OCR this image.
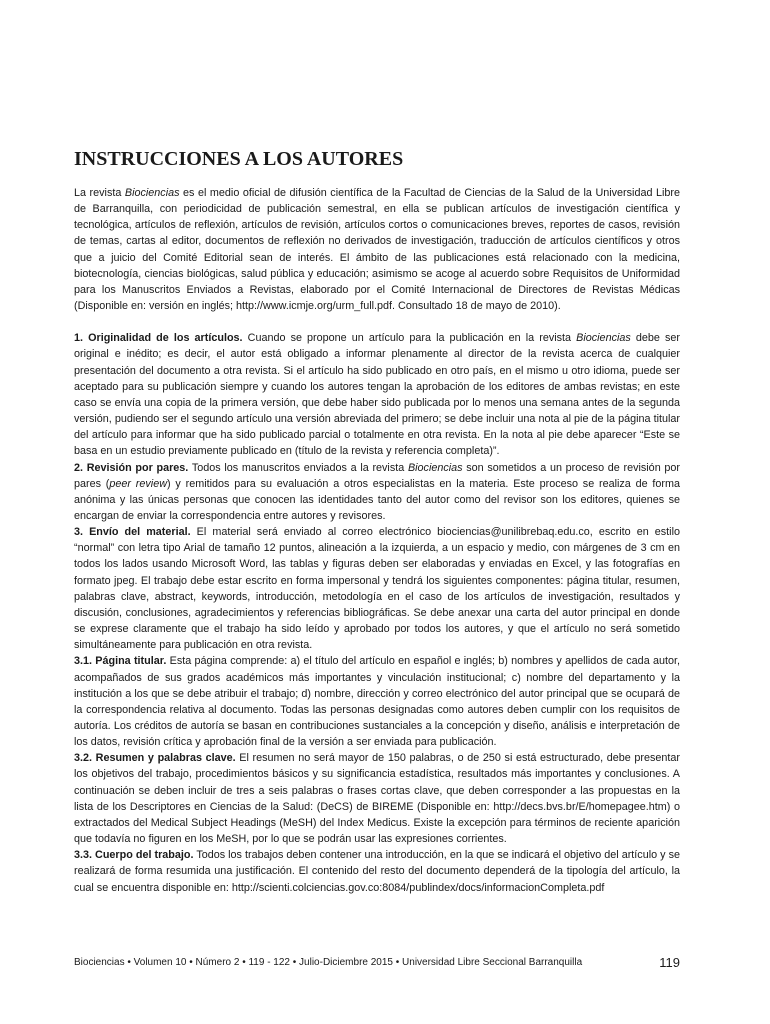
INSTRUCCIONES A LOS AUTORES

La revista Biociencias es el medio oficial de difusión científica de la Facultad de Ciencias de la Salud de la Universidad Libre de Barranquilla, con periodicidad de publicación semestral, en ella se publican artículos de investigación científica y tecnológica, artículos de reflexión, artículos de revisión, artículos cortos o comunicaciones breves, reportes de casos, revisión de temas, cartas al editor, documentos de reflexión no derivados de investigación, traducción de artículos científicos y otros que a juicio del Comité Editorial sean de interés. El ámbito de las publicaciones está relacionado con la medicina, biotecnología, ciencias biológicas, salud pública y educación; asimismo se acoge al acuerdo sobre Requisitos de Uniformidad para los Manuscritos Enviados a Revistas, elaborado por el Comité Internacional de Directores de Revistas Médicas (Disponible en: versión en inglés; http://www.icmje.org/urm_full.pdf. Consultado 18 de mayo de 2010).

1. Originalidad de los artículos. Cuando se propone un artículo para la publicación en la revista Biociencias debe ser original e inédito; es decir, el autor está obligado a informar plenamente al director de la revista acerca de cualquier presentación del documento a otra revista. Si el artículo ha sido publicado en otro país, en el mismo u otro idioma, puede ser aceptado para su publicación siempre y cuando los autores tengan la aprobación de los editores de ambas revistas; en este caso se envía una copia de la primera versión, que debe haber sido publicada por lo menos una semana antes de la segunda versión, pudiendo ser el segundo artículo una versión abreviada del primero; se debe incluir una nota al pie de la página titular del artículo para informar que ha sido publicado parcial o totalmente en otra revista. En la nota al pie debe aparecer “Este se basa en un estudio previamente publicado en (título de la revista y referencia completa)”.

2. Revisión por pares. Todos los manuscritos enviados a la revista Biociencias son sometidos a un proceso de revisión por pares (peer review) y remitidos para su evaluación a otros especialistas en la materia. Este proceso se realiza de forma anónima y las únicas personas que conocen las identidades tanto del autor como del revisor son los editores, quienes se encargan de enviar la correspondencia entre autores y revisores.

3. Envío del material. El material será enviado al correo electrónico biociencias@unilibrebaq.edu.co, escrito en estilo “normal” con letra tipo Arial de tamaño 12 puntos, alineación a la izquierda, a un espacio y medio, con márgenes de 3 cm en todos los lados usando Microsoft Word, las tablas y figuras deben ser elaboradas y enviadas en Excel, y las fotografías en formato jpeg. El trabajo debe estar escrito en forma impersonal y tendrá los siguientes componentes: página titular, resumen, palabras clave, abstract, keywords, introducción, metodología en el caso de los artículos de investigación, resultados y discusión, conclusiones, agradecimientos y referencias bibliográficas. Se debe anexar una carta del autor principal en donde se exprese claramente que el trabajo ha sido leído y aprobado por todos los autores, y que el artículo no será sometido simultáneamente para publicación en otra revista.

3.1. Página titular. Esta página comprende: a) el título del artículo en español e inglés; b) nombres y apellidos de cada autor, acompañados de sus grados académicos más importantes y vinculación institucional; c) nombre del departamento y la institución a los que se debe atribuir el trabajo; d) nombre, dirección y correo electrónico del autor principal que se ocupará de la correspondencia relativa al documento. Todas las personas designadas como autores deben cumplir con los requisitos de autoría. Los créditos de autoría se basan en contribuciones sustanciales a la concepción y diseño, análisis e interpretación de los datos, revisión crítica y aprobación final de la versión a ser enviada para publicación.

3.2. Resumen y palabras clave. El resumen no será mayor de 150 palabras, o de 250 si está estructurado, debe presentar los objetivos del trabajo, procedimientos básicos y su significancia estadística, resultados más importantes y conclusiones. A continuación se deben incluir de tres a seis palabras o frases cortas clave, que deben corresponder a las propuestas en la lista de los Descriptores en Ciencias de la Salud: (DeCS) de BIREME (Disponible en: http://decs.bvs.br/E/homepagee.htm) o extractados del Medical Subject Headings (MeSH) del Index Medicus. Existe la excepción para términos de reciente aparición que todavía no figuren en los MeSH, por lo que se podrán usar las expresiones corrientes.

3.3. Cuerpo del trabajo. Todos los trabajos deben contener una introducción, en la que se indicará el objetivo del artículo y se realizará de forma resumida una justificación. El contenido del resto del documento dependerá de la tipología del artículo, la cual se encuentra disponible en: http://scienti.colciencias.gov.co:8084/publindex/docs/informacionCompleta.pdf

Biociencias • Volumen 10 • Número 2 • 119 - 122 • Julio-Diciembre 2015 • Universidad Libre Seccional Barranquilla	119
